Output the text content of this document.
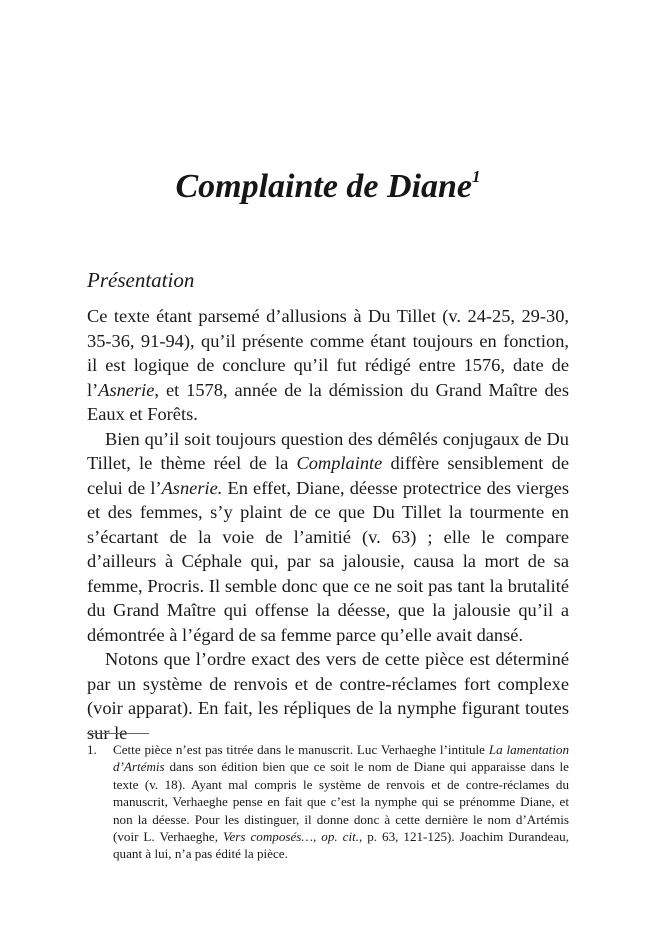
Complainte de Diane$^1$
Présentation

Ce texte étant parsemé d’allusions à Du Tillet (v. 24-25, 29-30, 35-36, 91-94), qu’il présente comme étant toujours en fonction, il est logique de conclure qu’il fut rédigé entre 1576, date de l’Asnerie, et 1578, année de la démission du Grand Maître des Eaux et Forêts.

Bien qu’il soit toujours question des démêlés conjugaux de Du Tillet, le thème réel de la Complainte diffère sensiblement de celui de l’Asnerie. En effet, Diane, déesse protectrice des vierges et des femmes, s’y plaint de ce que Du Tillet la tourmente en s’écartant de la voie de l’amitié (v. 63) ; elle le compare d’ailleurs à Céphale qui, par sa jalousie, causa la mort de sa femme, Procris. Il semble donc que ce ne soit pas tant la brutalité du Grand Maître qui offense la déesse, que la jalousie qu’il a démontrée à l’égard de sa femme parce qu’elle avait dansé.

Notons que l’ordre exact des vers de cette pièce est déterminé par un système de renvois et de contre-réclames fort complexe (voir apparat). En fait, les répliques de la nymphe figurant toutes sur le

1. Cette pièce n’est pas titrée dans le manuscrit. Luc Verhaeghe l’intitule La lamentation d’Artémis dans son édition bien que ce soit le nom de Diane qui apparaisse dans le texte (v. 18). Ayant mal compris le système de renvois et de contre-réclames du manuscrit, Verhaeghe pense en fait que c’est la nymphe qui se prénomme Diane, et non la déesse. Pour les distinguer, il donne donc à cette dernière le nom d’Artémis (voir L. Verhaeghe, Vers composés…, op. cit., p. 63, 121-125). Joachim Durandeau, quant à lui, n’a pas édité la pièce.
